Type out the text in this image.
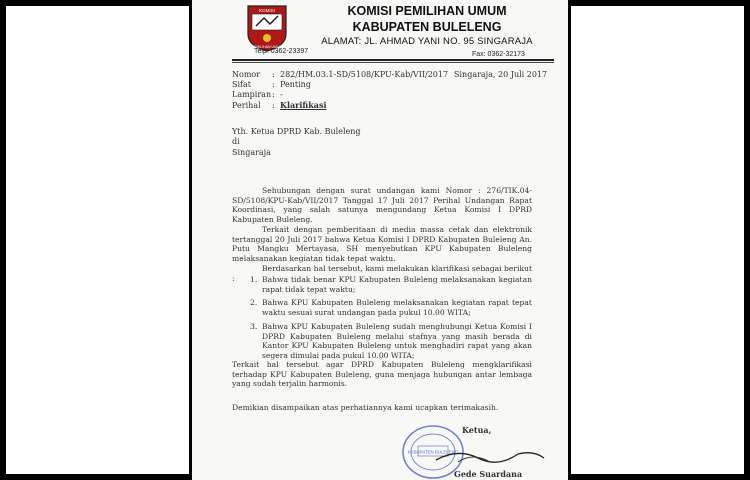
KOMISI
PEMILIHAN UMUM
KOMISI PEMILIHAN UMUM
KABUPATEN BULELENG
ALAMAT: JL. AHMAD YANI NO. 95 SINGARAJA
Telp: 0362-23397	Fax: 0362-32173
Nomor : 282/HM.03.1-SD/5108/KPU-Kab/VII/2017 Singaraja, 20 Juli 2017
Sifat	: Penting
Lampiran: -
Perihal : Klarifikasi
Yth. Ketua DPRD Kab. Buleleng
di
Singaraja
Sehubungan dengan surat undangan kami Nomor : 276/TIK.04-SD/5108/KPU-Kab/VII/2017 Tanggal 17 Juli 2017 Perihal Undangan Rapat Koordinasi, yang salah satunya mengundang Ketua Komisi I DPRD Kabupaten Buleleng.
Terkait dengan pemberitaan di media massa cetak dan elektronik tertanggal 20 Juli 2017 bahwa Ketua Komisi I DPRD Kabupaten Buleleng An. Putu Mangku Mertayasa, SH menyebutkan KPU Kabupaten Buleleng melaksanakan kegiatan tidak tepat waktu.
Berdasarkan hal tersebut, kami melakukan klarifikasi sebagai berikut :	1. Bahwa tidak benar KPU Kabupaten Buleleng melaksanakan kegiatan rapat tidak tepat waktu;
2. Bahwa KPU Kabupaten Buleleng melaksanakan kegiatan rapat tepat waktu sesuai surat undangan pada pukul 10.00 WITA;
3. Bahwa KPU Kabupaten Buleleng sudah menghubungi Ketua Komisi I DPRD Kabupaten Buleleng melalui stafnya yang masih berada di Kantor KPU Kabupaten Buleleng untuk menghadiri rapat yang akan segera dimulai pada pukul 10.00 WITA;
Terkait hal tersebut agar DPRD Kabupaten Buleleng mengklarifikasi terhadap KPU Kabupaten Buleleng, guna menjaga hubungan antar lembaga yang sudah terjalin harmonis.
Demikian disampaikan atas perhatiannya kami ucapkan terimakasih.
KABUPATEN BULELENG
Ketua,
Gede Suardana
